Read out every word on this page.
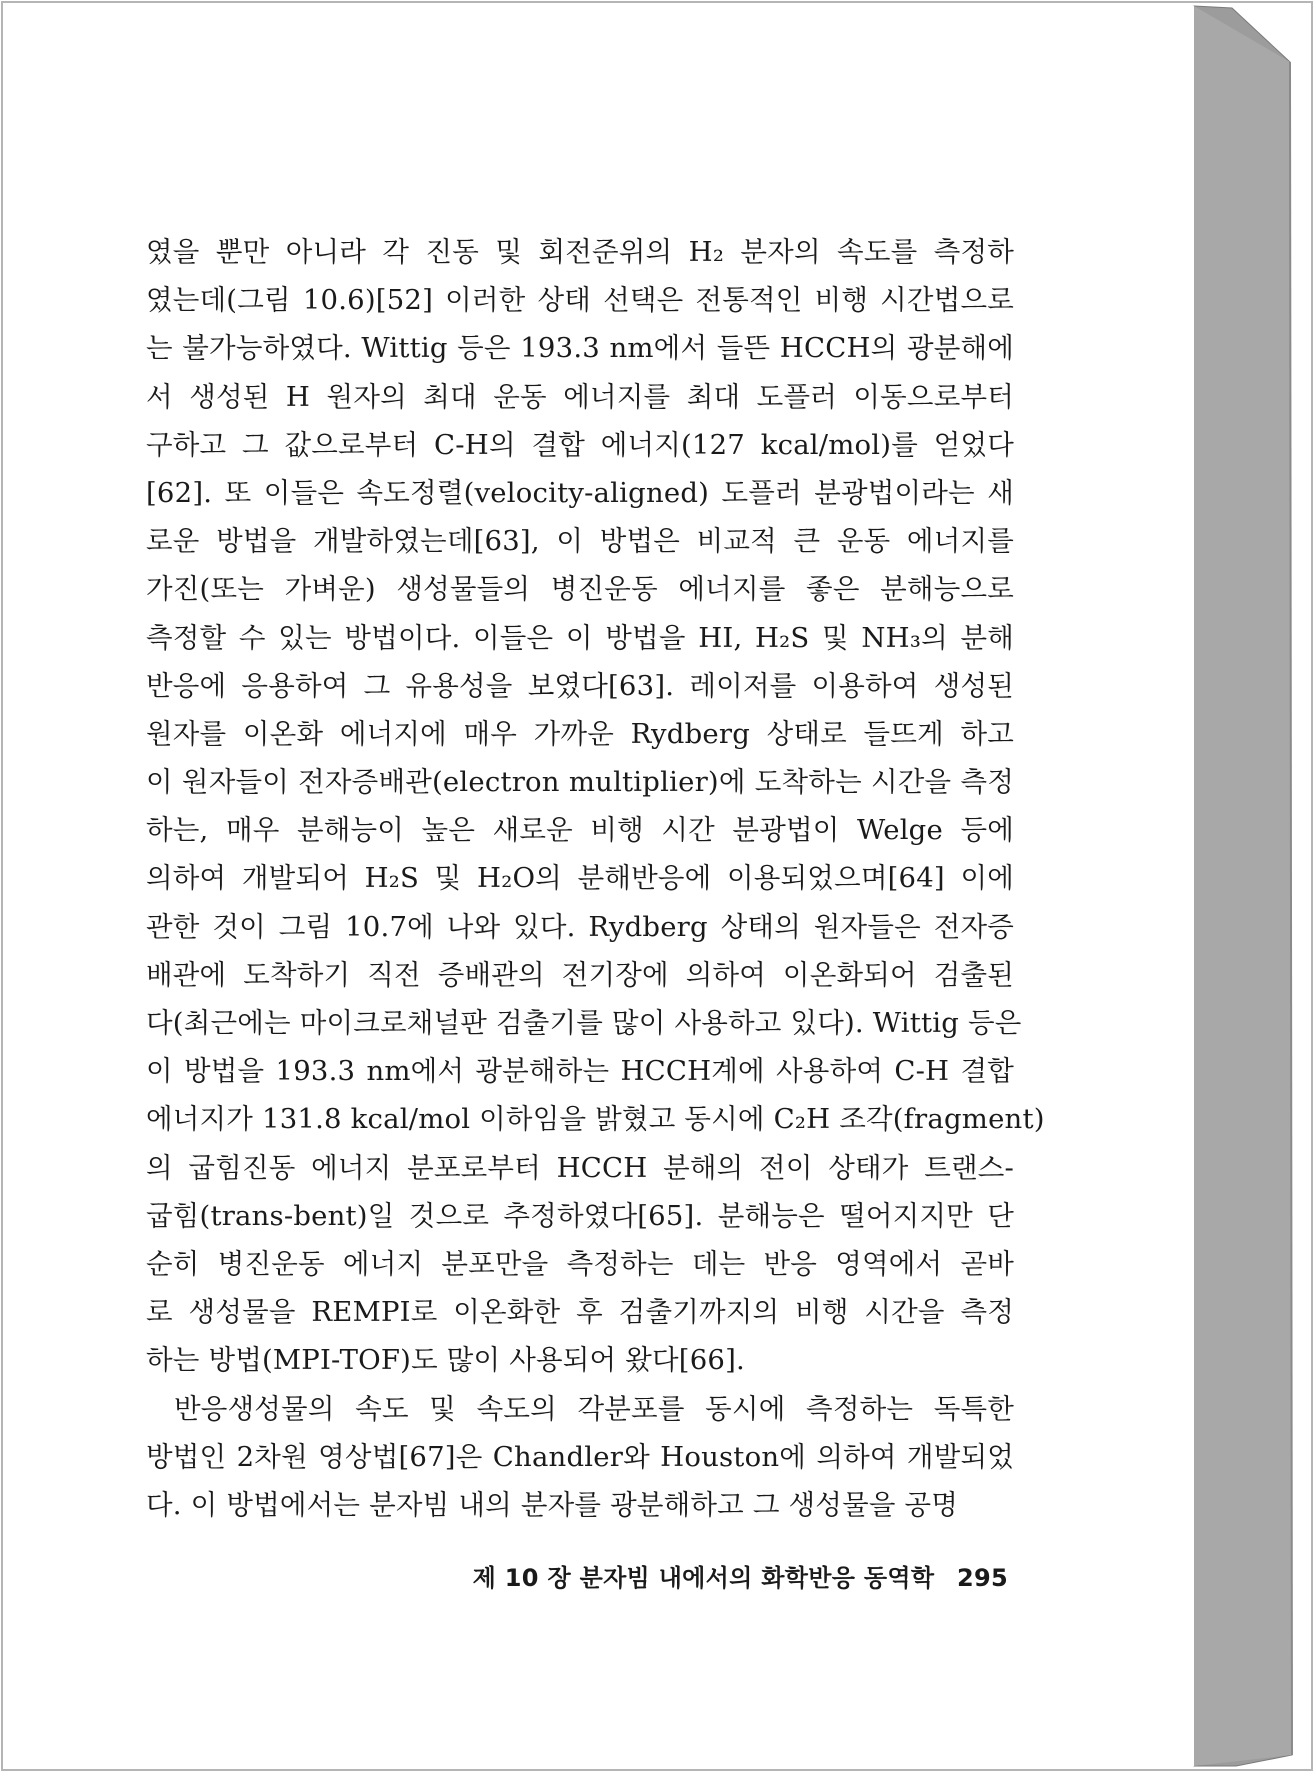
였을 뿐만 아니라 각 진동 및 회전준위의 H₂ 분자의 속도를 측정하
였는데(그림 10.6)[52] 이러한 상태 선택은 전통적인 비행 시간법으로
는 불가능하였다. Wittig 등은 193.3 nm에서 들뜬 HCCH의 광분해에
서 생성된 H 원자의 최대 운동 에너지를 최대 도플러 이동으로부터
구하고 그 값으로부터 C-H의 결합 에너지(127 kcal/mol)를 얻었다
[62]. 또 이들은 속도정렬(velocity-aligned) 도플러 분광법이라는 새
로운 방법을 개발하였는데[63], 이 방법은 비교적 큰 운동 에너지를
가진(또는 가벼운) 생성물들의 병진운동 에너지를 좋은 분해능으로
측정할 수 있는 방법이다. 이들은 이 방법을 HI, H₂S 및 NH₃의 분해
반응에 응용하여 그 유용성을 보였다[63]. 레이저를 이용하여 생성된
원자를 이온화 에너지에 매우 가까운 Rydberg 상태로 들뜨게 하고
이 원자들이 전자증배관(electron multiplier)에 도착하는 시간을 측정
하는, 매우 분해능이 높은 새로운 비행 시간 분광법이 Welge 등에
의하여 개발되어 H₂S 및 H₂O의 분해반응에 이용되었으며[64] 이에
관한 것이 그림 10.7에 나와 있다. Rydberg 상태의 원자들은 전자증
배관에 도착하기 직전 증배관의 전기장에 의하여 이온화되어 검출된
다(최근에는 마이크로채널판 검출기를 많이 사용하고 있다). Wittig 등은
이 방법을 193.3 nm에서 광분해하는 HCCH계에 사용하여 C-H 결합
에너지가 131.8 kcal/mol 이하임을 밝혔고 동시에 C₂H 조각(fragment)
의 굽힘진동 에너지 분포로부터 HCCH 분해의 전이 상태가 트랜스-
굽힘(trans-bent)일 것으로 추정하였다[65]. 분해능은 떨어지지만 단
순히 병진운동 에너지 분포만을 측정하는 데는 반응 영역에서 곧바
로 생성물을 REMPI로 이온화한 후 검출기까지의 비행 시간을 측정
하는 방법(MPI-TOF)도 많이 사용되어 왔다[66].
반응생성물의 속도 및 속도의 각분포를 동시에 측정하는 독특한
방법인 2차원 영상법[67]은 Chandler와 Houston에 의하여 개발되었
다. 이 방법에서는 분자빔 내의 분자를 광분해하고 그 생성물을 공명
제 10 장 분자빔 내에서의 화학반응 동역학 295
